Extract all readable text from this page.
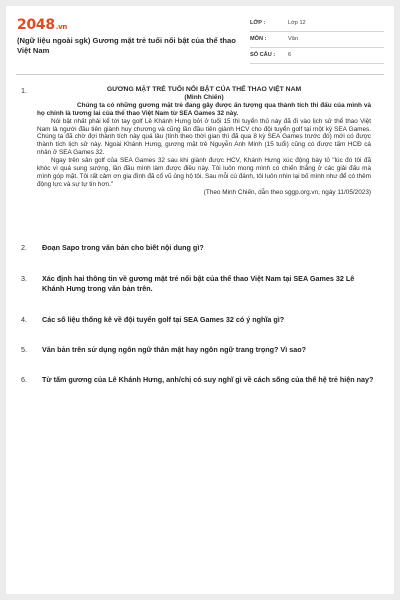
2048.vn
(Ngữ liệu ngoài sgk) Gương mặt trẻ tuổi nổi bật của thể thao Việt Nam
LỚP :	Lớp 12
MÔN :	Văn
SỐ CÂU : 6
1.	GƯƠNG MẶT TRẺ TUỔI NỔI BẬT CỦA THỂ THAO VIỆT NAM
(Minh Chiến)
Chúng ta có những gương mặt trẻ đang gây được ấn tượng qua thành tích thi đấu của mình và họ chính là tương lai của thể thao Việt Nam từ SEA Games 32 này.
Nói bật nhất phải kể tới tay golf Lê Khánh Hưng bởi ở tuổi 15 thì tuyển thủ này đã đi vào lịch sử thể thao Việt Nam là người đầu tiên giành huy chương và cũng lần đầu tiên giành HCV cho đội tuyển golf tại một kỳ SEA Games. Chúng ta đã chờ đợi thành tích này quá lâu (tính theo thời gian thì đã qua 8 kỳ SEA Games trước đó) mới có được thành tích lịch sử này. Ngoài Khánh Hưng, gương mặt trẻ Nguyễn Anh Minh (15 tuổi) cũng có được tấm HCĐ cá nhân ở SEA Games 32.
Ngay trên sân golf của SEA Games 32 sau khi giành được HCV, Khánh Hưng xúc động bày tỏ "lúc đó tôi đã khóc vì quá sung sướng, lần đầu mình làm được điều này. Tôi luôn mong mình có chiến thắng ở các giải đấu mà mình góp mặt. Tôi rất cảm ơn gia đình đã cổ vũ ủng hộ tôi. Sau mỗi cú đánh, tôi luôn nhìn lại bố mình như để có thêm động lực và sự tự tin hơn."
(Theo Minh Chiến, dẫn theo sggp.org.vn, ngày 11/05/2023)
2. Đoạn Sapo trong văn bản cho biết nội dung gì?
3. Xác định hai thông tin về gương mặt trẻ nổi bật của thể thao Việt Nam tại SEA Games 32 Lê Khánh Hưng trong văn bản trên.
4. Các số liệu thống kê về đội tuyển golf tại SEA Games 32 có ý nghĩa gì?
5. Văn bản trên sử dụng ngôn ngữ thân mật hay ngôn ngữ trang trọng? Vì sao?
6. Từ tấm gương của Lê Khánh Hưng, anh/chị có suy nghĩ gì về cách sống của thế hệ trẻ hiện nay?
